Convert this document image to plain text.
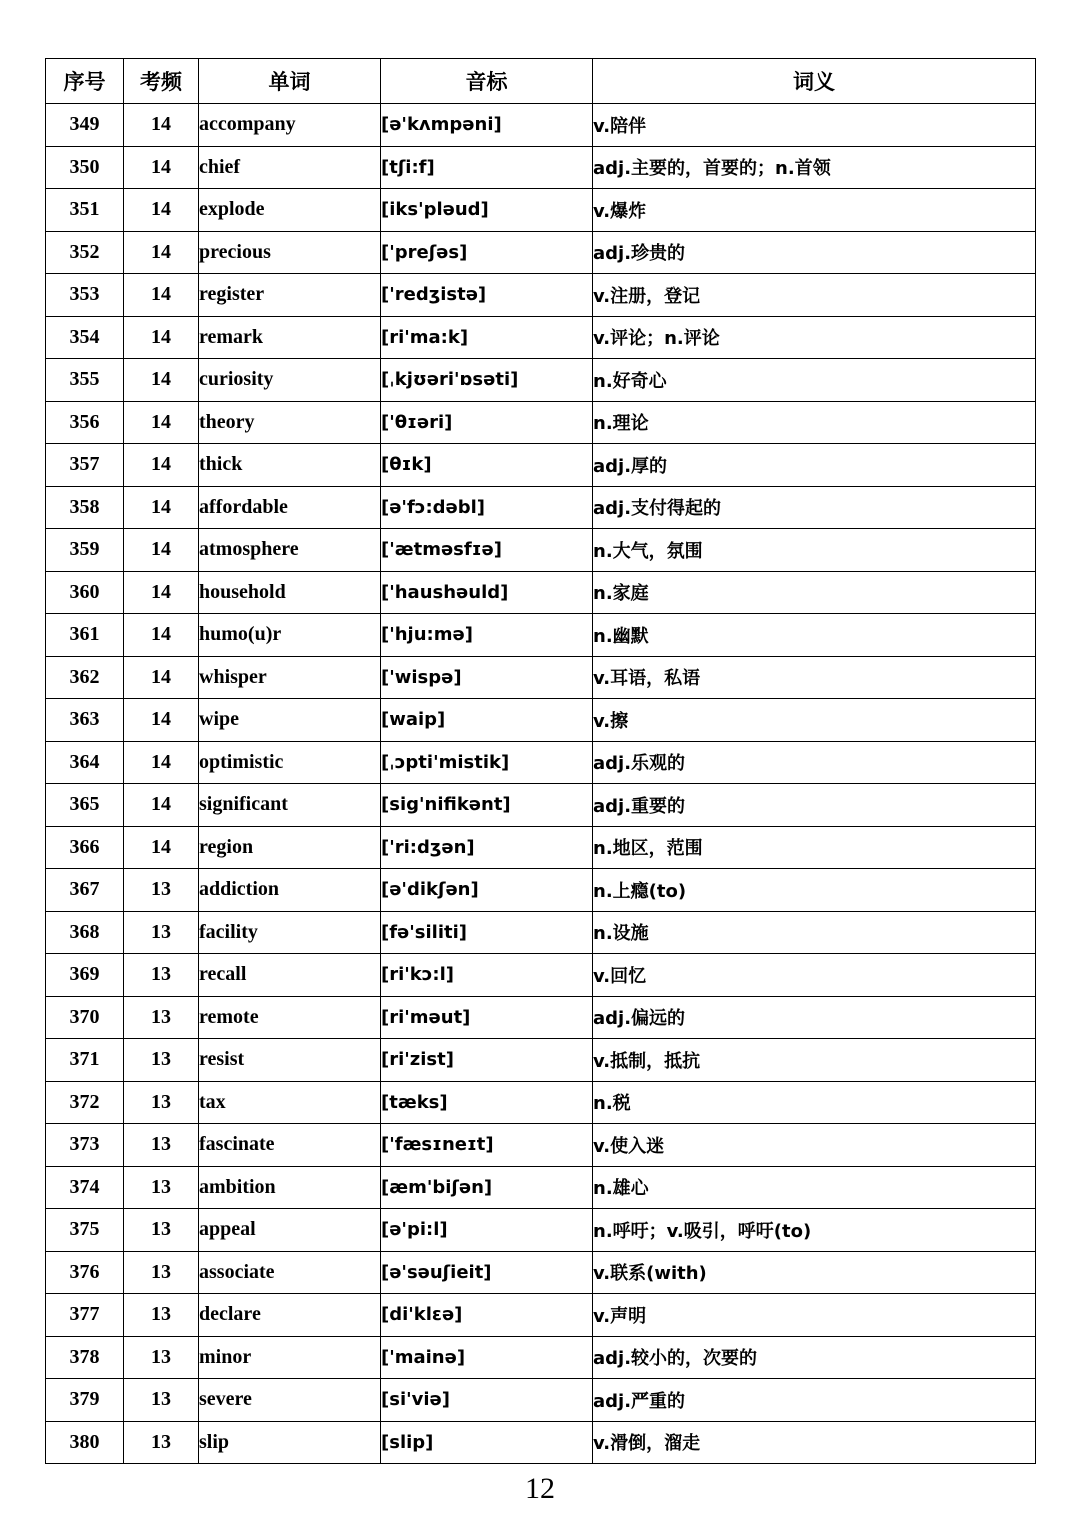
序号	考频	单词	音标	词义
349	14	accompany	[ə'kʌmpəni]	v.陪伴
350	14	chief	[tʃi:f]	adj.主要的，首要的；n.首领
351	14	explode	[iks'pləud]	v.爆炸
352	14	precious	['preʃəs]	adj.珍贵的
353	14	register	['redʒistə]	v.注册，登记
354	14	remark	[ri'ma:k]	v.评论；n.评论
355	14	curiosity	[ˌkjʊəri'ɒsəti]	n.好奇心
356	14	theory	['θɪəri]	n.理论
357	14	thick	[θɪk]	adj.厚的
358	14	affordable	[ə'fɔ:dəbl]	adj.支付得起的
359	14	atmosphere	['ætməsfɪə]	n.大气，氛围
360	14	household	['haushəuld]	n.家庭
361	14	humo(u)r	['hju:mə]	n.幽默
362	14	whisper	['wispə]	v.耳语，私语
363	14	wipe	[waip]	v.擦
364	14	optimistic	[ˌɔpti'mistik]	adj.乐观的
365	14	significant	[sig'nifikənt]	adj.重要的
366	14	region	['ri:dʒən]	n.地区，范围
367	13	addiction	[ə'dikʃən]	n.上瘾(to)
368	13	facility	[fə'siliti]	n.设施
369	13	recall	[ri'kɔ:l]	v.回忆
370	13	remote	[ri'məut]	adj.偏远的
371	13	resist	[ri'zist]	v.抵制，抵抗
372	13	tax	[tæks]	n.税
373	13	fascinate	['fæsɪneɪt]	v.使入迷
374	13	ambition	[æm'biʃən]	n.雄心
375	13	appeal	[ə'pi:l]	n.呼吁；v.吸引，呼吁(to)
376	13	associate	[ə'səuʃieit]	v.联系(with)
377	13	declare	[di'klɛə]	v.声明
378	13	minor	['mainə]	adj.较小的，次要的
379	13	severe	[si'viə]	adj.严重的
380	13	slip	[slip]	v.滑倒，溜走
12
